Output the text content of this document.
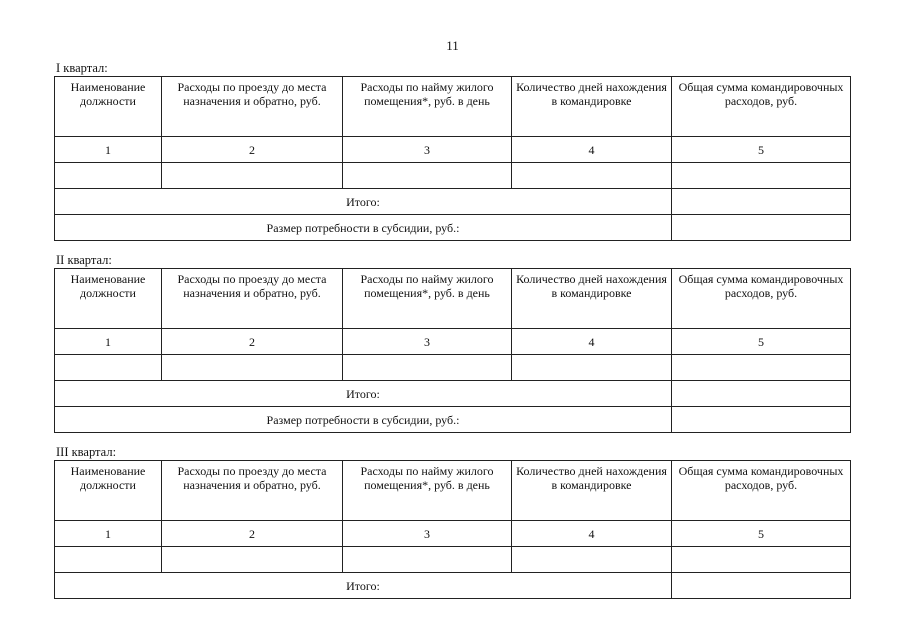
11
I квартал:
Наименование должности	Расходы по проезду до места назначения и обратно, руб.	Расходы по найму жилого помещения*, руб. в день	Количество дней нахождения в командировке	Общая сумма командировочных расходов, руб.
1	2	3	4	5

Итого:				
Размер потребности в субсидии, руб.:				
II квартал:
Наименование должности	Расходы по проезду до места назначения и обратно, руб.	Расходы по найму жилого помещения*, руб. в день	Количество дней нахождения в командировке	Общая сумма командировочных расходов, руб.
1	2	3	4	5

Итого:				
Размер потребности в субсидии, руб.:				
III квартал:
Наименование должности	Расходы по проезду до места назначения и обратно, руб.	Расходы по найму жилого помещения*, руб. в день	Количество дней нахождения в командировке	Общая сумма командировочных расходов, руб.
1	2	3	4	5

Итого:				
